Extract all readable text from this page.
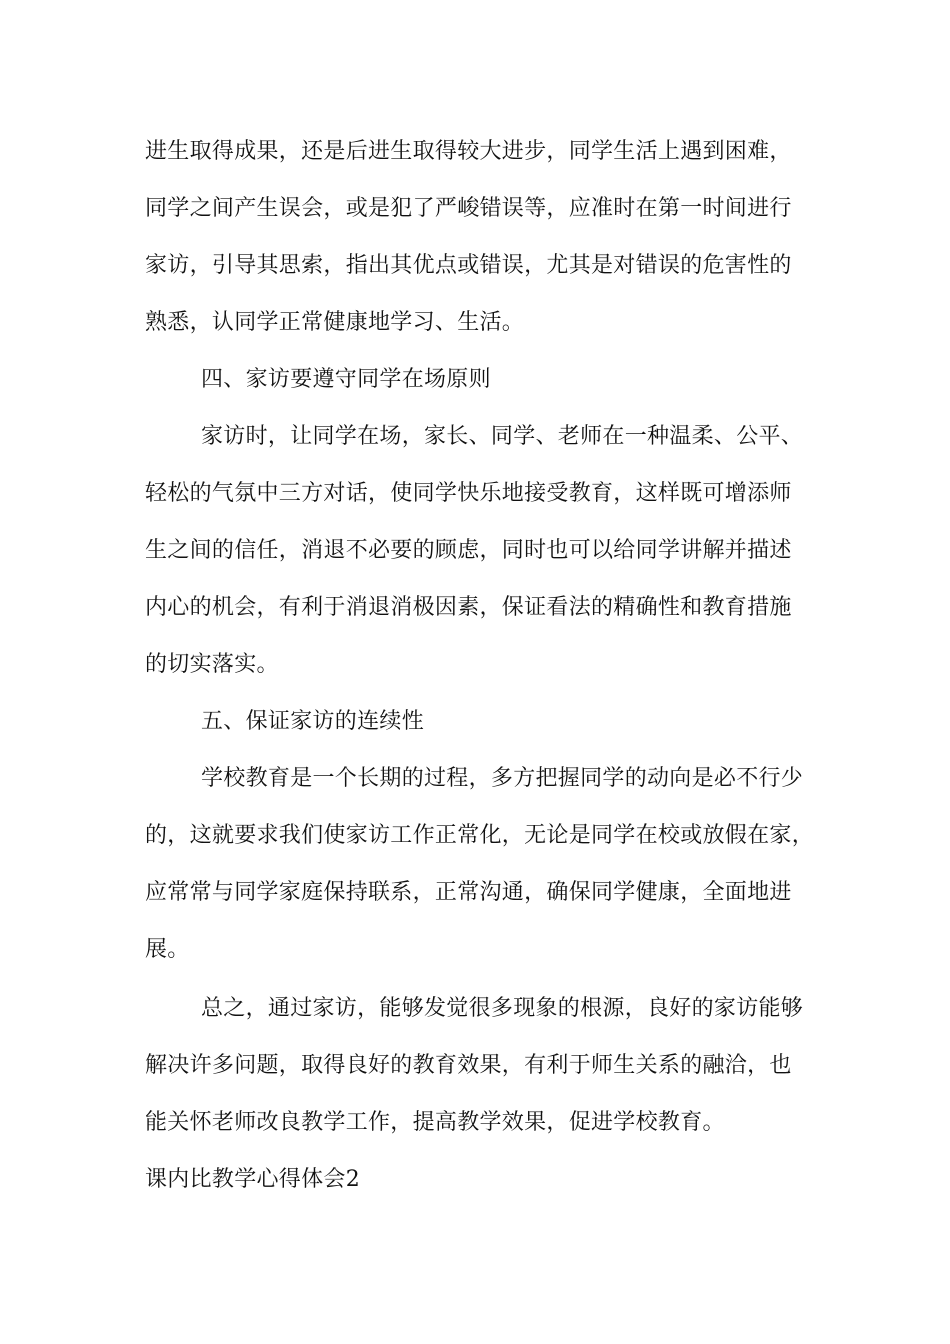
进生取得成果，还是后进生取得较大进步，同学生活上遇到困难，
同学之间产生误会，或是犯了严峻错误等，应准时在第一时间进行
家访，引导其思索，指出其优点或错误，尤其是对错误的危害性的
熟悉，认同学正常健康地学习、生活。
四、家访要遵守同学在场原则
家访时，让同学在场，家长、同学、老师在一种温柔、公平、
轻松的气氛中三方对话，使同学快乐地接受教育，这样既可增添师
生之间的信任，消退不必要的顾虑，同时也可以给同学讲解并描述
内心的机会，有利于消退消极因素，保证看法的精确性和教育措施
的切实落实。
五、保证家访的连续性
学校教育是一个长期的过程，多方把握同学的动向是必不行少
的，这就要求我们使家访工作正常化，无论是同学在校或放假在家，
应常常与同学家庭保持联系，正常沟通，确保同学健康，全面地进
展。
总之，通过家访，能够发觉很多现象的根源，良好的家访能够
解决许多问题，取得良好的教育效果，有利于师生关系的融洽，也
能关怀老师改良教学工作，提高教学效果，促进学校教育。
课内比教学心得体会2
